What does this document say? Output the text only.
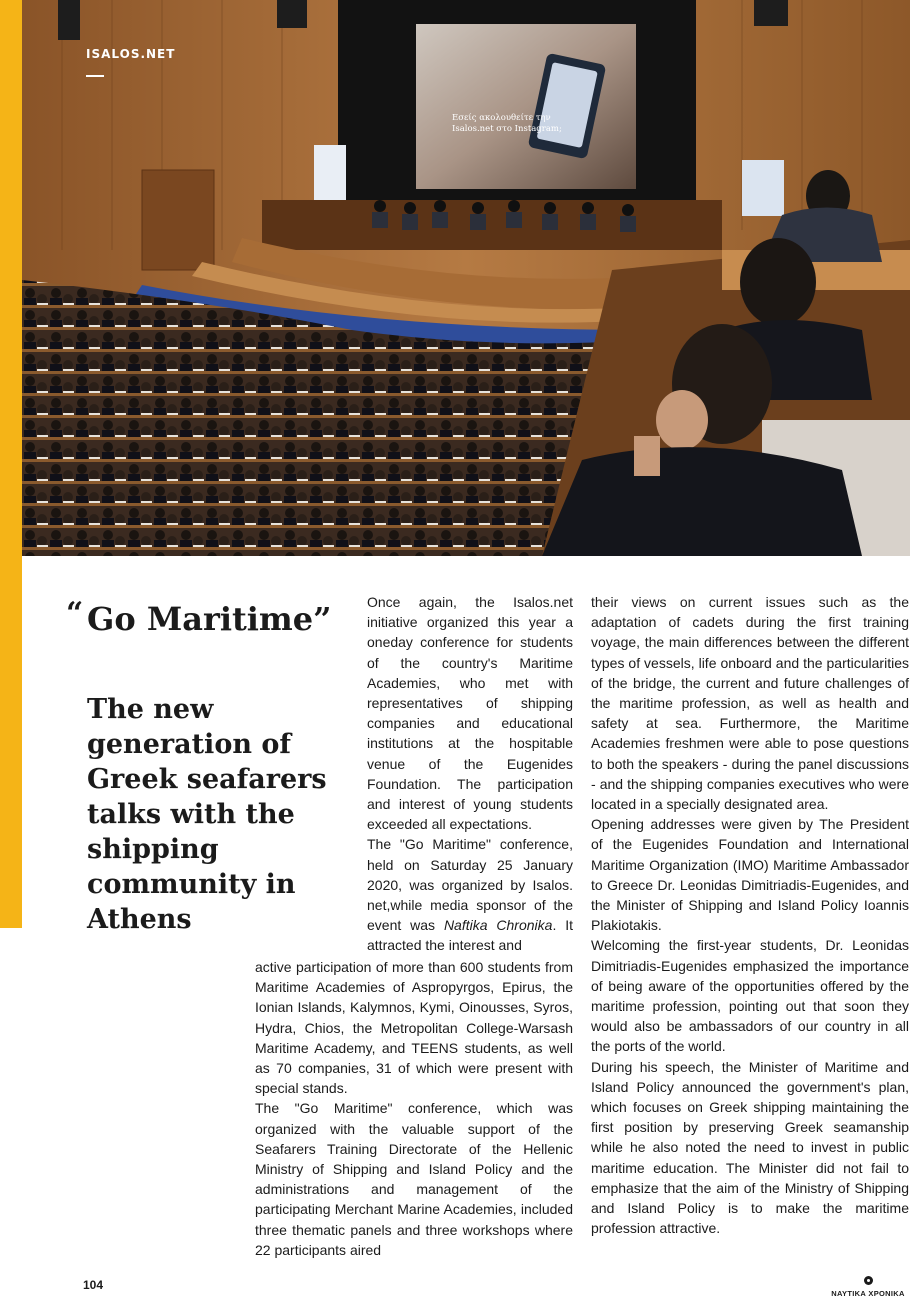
Εσείς ακολουθείτε την Isalos.net στο Instagram;
ISALOS.NET
“ Go Maritime”
The new generation of Greek seafarers talks with the shipping community in Athens

Once again, the Isalos.net initiative organized this year a oneday conference for students of the country's Maritime Academies, who met with representatives of shipping companies and educational institutions at the hospitable venue of the Eugenides Foundation. The participation and interest of young students exceeded all expectations.

The "Go Maritime" conference, held on Saturday 25 January 2020, was organized by Isalos. net,while media sponsor of the event was Naftika Chronika. It attracted the interest and

active participation of more than 600 students from Maritime Academies of Aspropyrgos, Epirus, the Ionian Islands, Kalymnos, Kymi, Oinousses, Syros, Hydra, Chios, the Metropolitan College-Warsash Maritime Academy, and TEENS students, as well as 70 companies, 31 of which were present with special stands.

The "Go Maritime" conference, which was organized with the valuable support of the Seafarers Training Directorate of the Hellenic Ministry of Shipping and Island Policy and the administrations and management of the participating Merchant Marine Academies, included three thematic panels and three workshops where 22 participants aired

their views on current issues such as the adaptation of cadets during the first training voyage, the main differences between the different types of vessels, life onboard and the particularities of the bridge, the current and future challenges of the maritime profession, as well as health and safety at sea. Furthermore, the Maritime Academies freshmen were able to pose questions to both the speakers - during the panel discussions - and the shipping companies executives who were located in a specially designated area.

Opening addresses were given by The President of the Eugenides Foundation and International Maritime Organization (IMO) Maritime Ambassador to Greece Dr. Leonidas Dimitriadis-Eugenides, and the Minister of Shipping and Island Policy Ioannis Plakiotakis.

Welcoming the first-year students, Dr. Leonidas Dimitriadis-Eugenides emphasized the importance of being aware of the opportunities offered by the maritime profession, pointing out that soon they would also be ambassadors of our country in all the ports of the world.

During his speech, the Minister of Maritime and Island Policy announced the government's plan, which focuses on Greek shipping maintaining the first position by preserving Greek seamanship while he also noted the need to invest in public maritime education. The Minister did not fail to emphasize that the aim of the Ministry of Shipping and Island Policy is to make the maritime profession attractive.

104
ΝΑΥΤΙΚΑ ΧΡΟΝΙΚΑ
